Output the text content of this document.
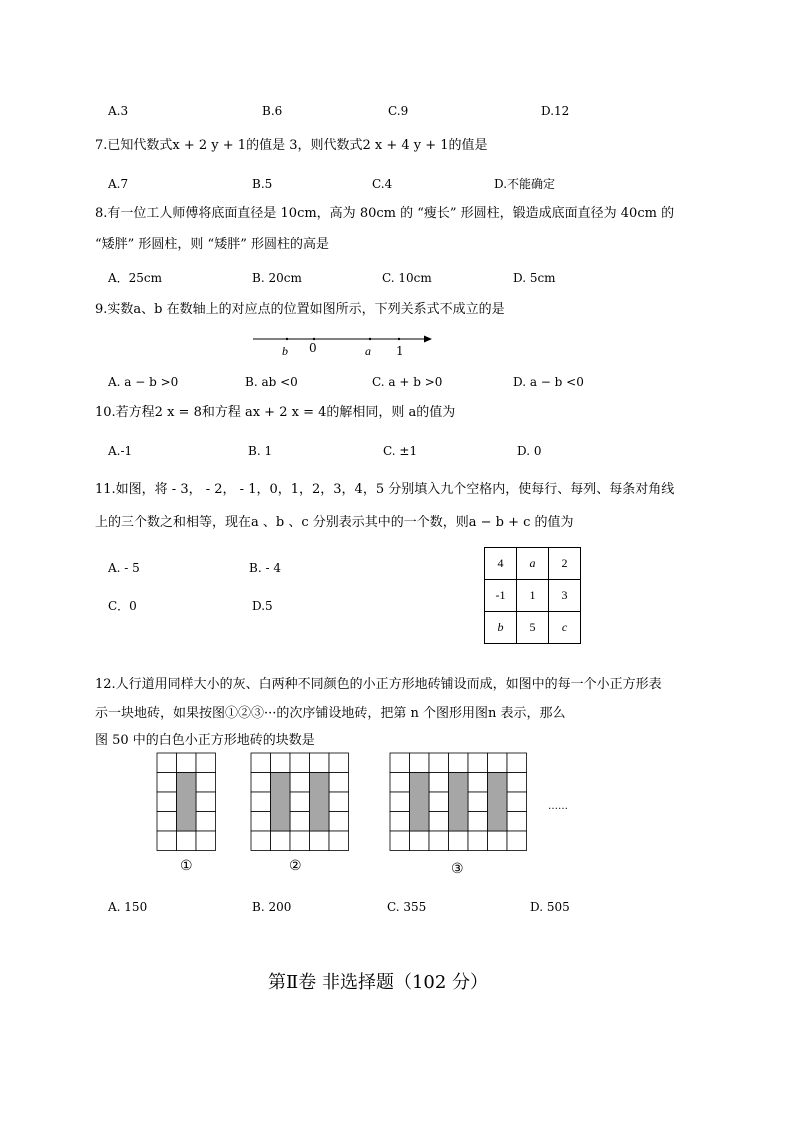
A.3	B.6	C.9	D.12
7.已知代数式x + 2 y + 1的值是 3，则代数式2 x + 4 y + 1的值是
A.7	B.5	C.4	D.不能确定
8.有一位工人师傅将底面直径是 10cm，高为 80cm 的 “瘦长” 形圆柱，锻造成底面直径为 40cm 的
“矮胖” 形圆柱，则 “矮胖” 形圆柱的高是
A．25cm	B. 20cm	C. 10cm	D. 5cm
9.实数a、b 在数轴上的对应点的位置如图所示，下列关系式不成立的是
b 0	a 1
A. a − b >0	B. ab <0	C. a + b >0	D. a − b <0
10.若方程2 x = 8和方程 ax + 2 x = 4的解相同，则 a的值为
A.-1	B. 1	C. ±1	D. 0
11.如图，将 - 3， - 2， - 1，0，1，2，3，4，5 分别填入九个空格内，使每行、每列、每条对角线
上的三个数之和相等，现在a 、b 、c 分别表示其中的一个数，则a − b + c 的值为
A. - 5	B. - 4
C．0	D.5
4	a	2
-1	1	3
b	5	c
12.人行道用同样大小的灰、白两种不同颜色的小正方形地砖铺设而成，如图中的每一个小正方形表
示一块地砖，如果按图①②③···的次序铺设地砖，把第 n 个图形用图n 表示，那么
图 50 中的白色小正方形地砖的块数是
①	②	③
……
A. 150	B. 200	C. 355	D. 505
第Ⅱ卷 非选择题（102 分）
